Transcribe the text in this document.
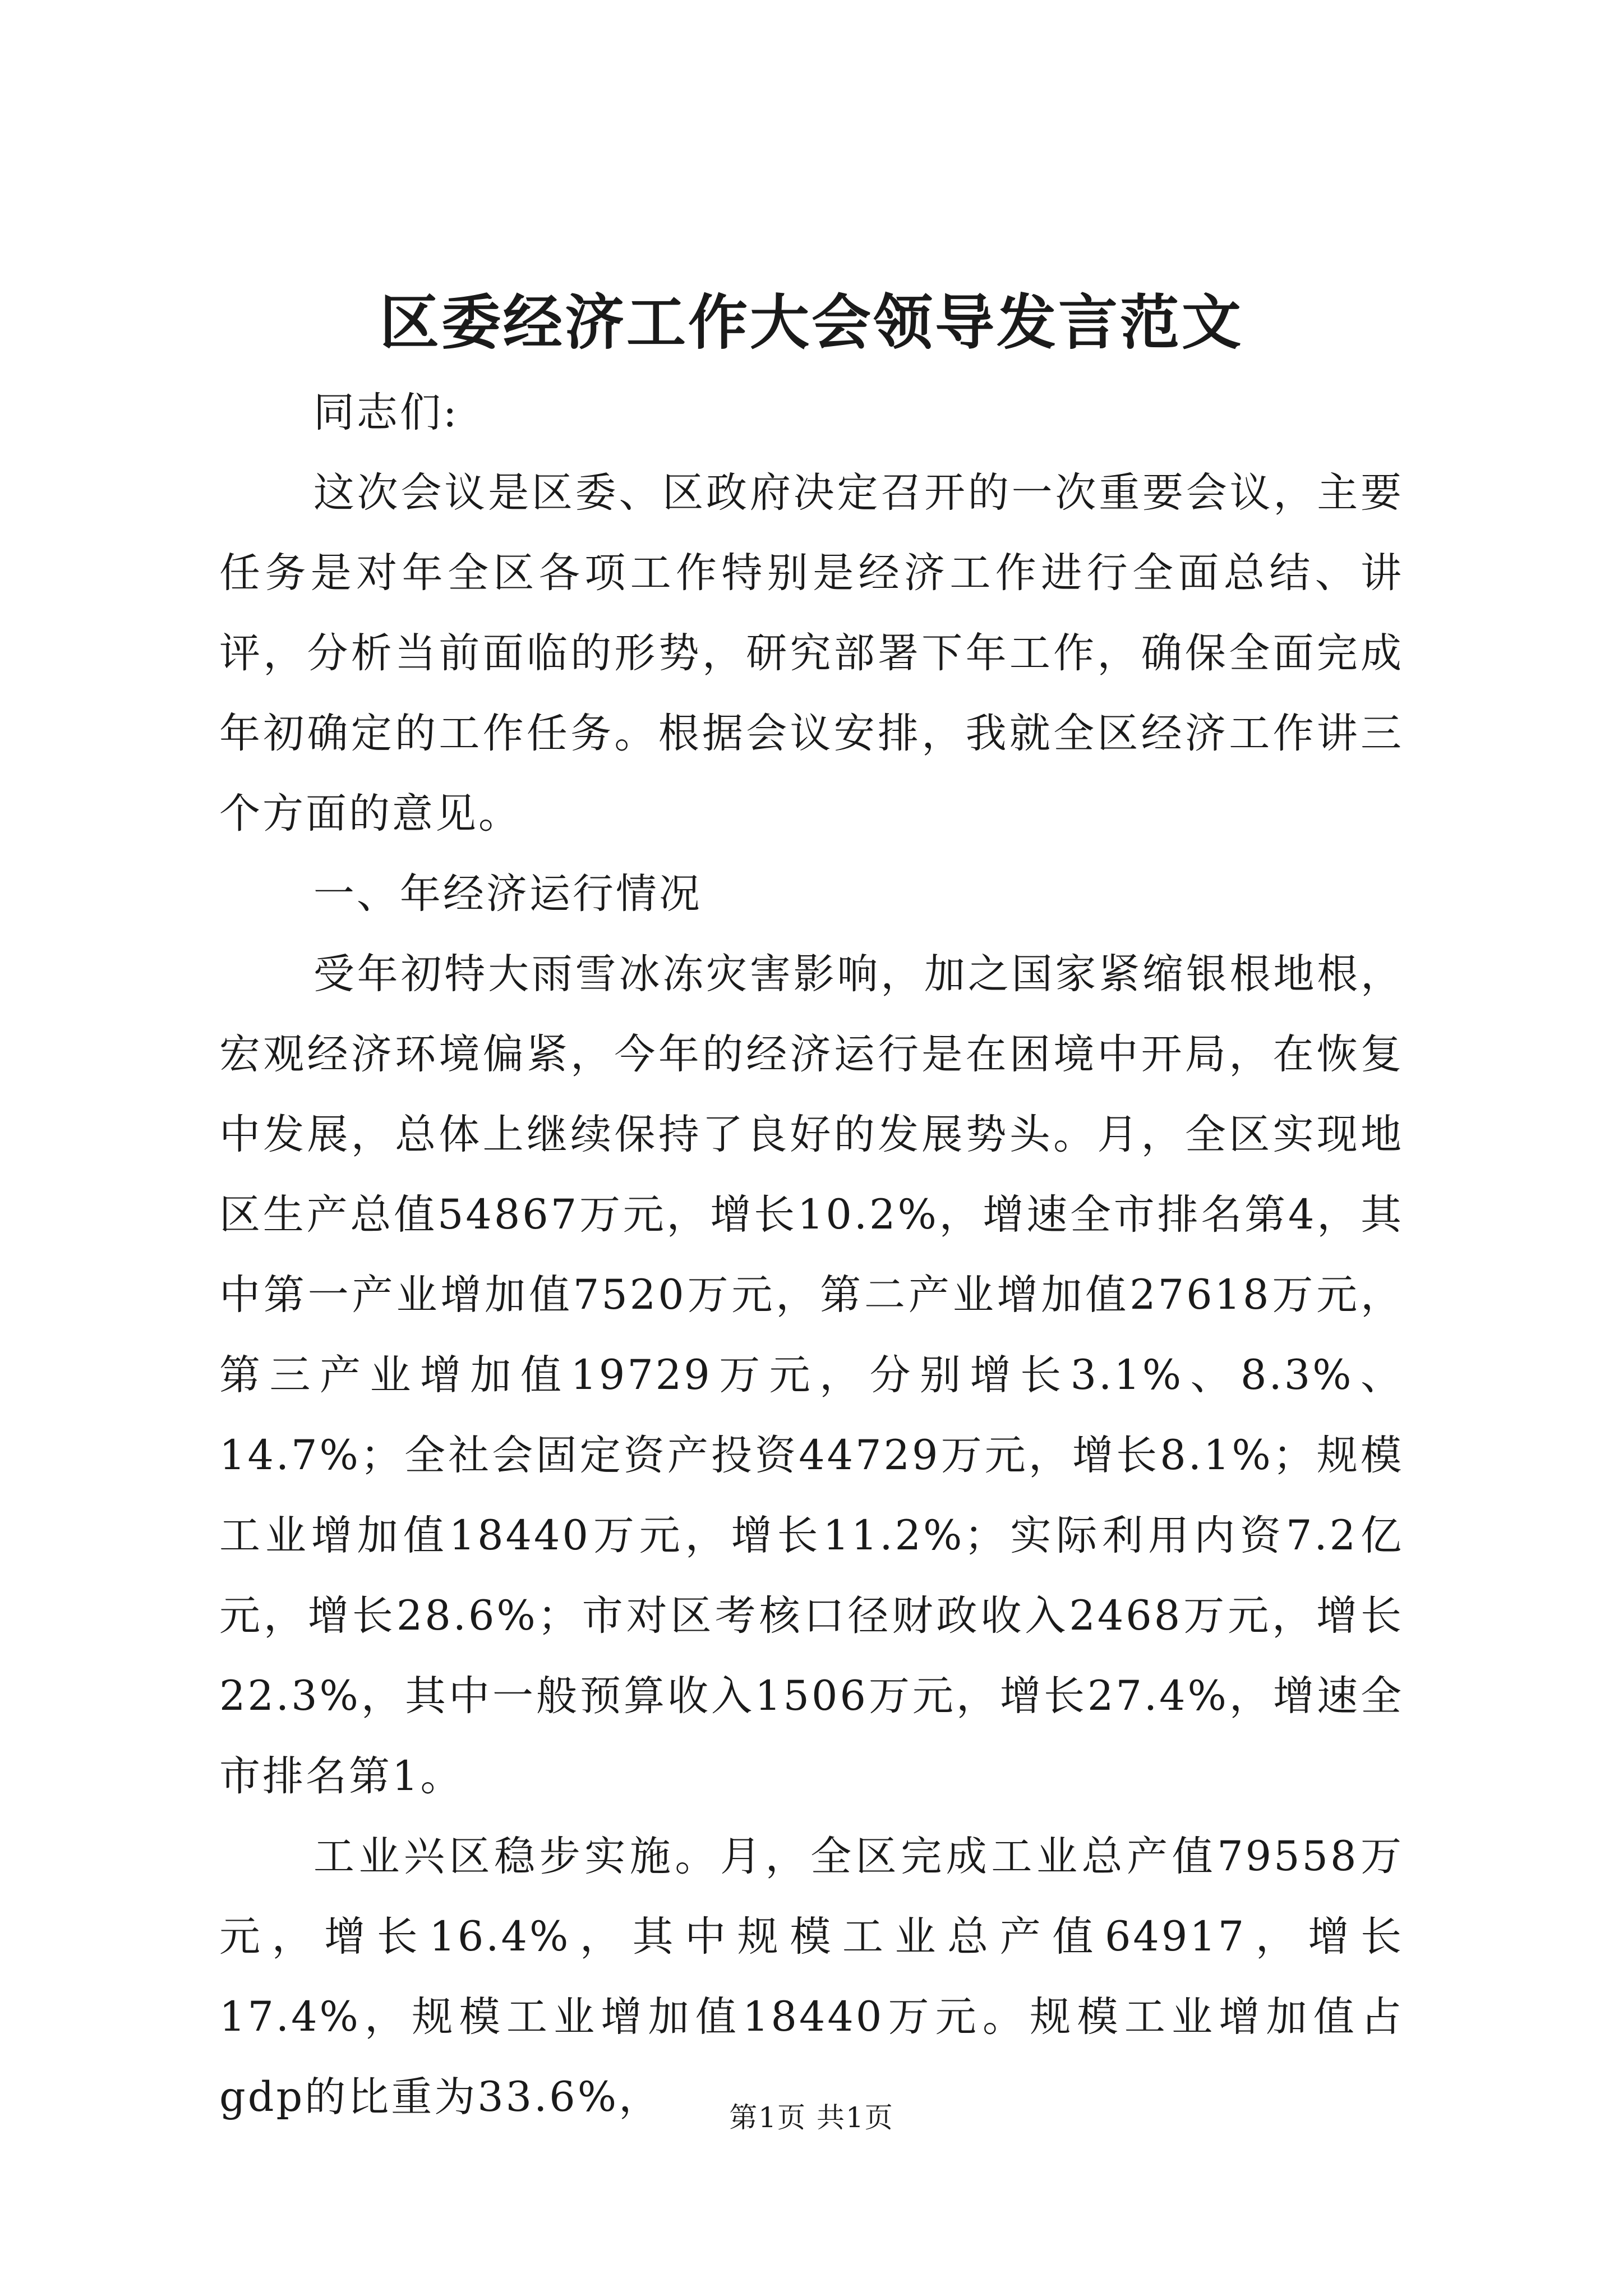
区委经济工作大会领导发言范文

同志们:

这次会议是区委、区政府决定召开的一次重要会议，主要任务是对年全区各项工作特别是经济工作进行全面总结、讲评，分析当前面临的形势，研究部署下年工作，确保全面完成年初确定的工作任务。根据会议安排，我就全区经济工作讲三个方面的意见。

一、年经济运行情况

受年初特大雨雪冰冻灾害影响，加之国家紧缩银根地根，宏观经济环境偏紧，今年的经济运行是在困境中开局，在恢复中发展，总体上继续保持了良好的发展势头。月，全区实现地区生产总值54867万元，增长10.2%，增速全市排名第4，其中第一产业增加值7520万元，第二产业增加值27618万元，第三产业增加值19729万元，分别增长3.1%、8.3%、14.7%；全社会固定资产投资44729万元，增长8.1%；规模工业增加值18440万元，增长11.2%；实际利用内资7.2亿元，增长28.6%；市对区考核口径财政收入2468万元，增长22.3%，其中一般预算收入1506万元，增长27.4%，增速全市排名第1。

工业兴区稳步实施。月，全区完成工业总产值79558万元，增长16.4%，其中规模工业总产值64917，增长17.4%，规模工业增加值18440万元。规模工业增加值占gdp的比重为33.6%，	第1页 共1页
